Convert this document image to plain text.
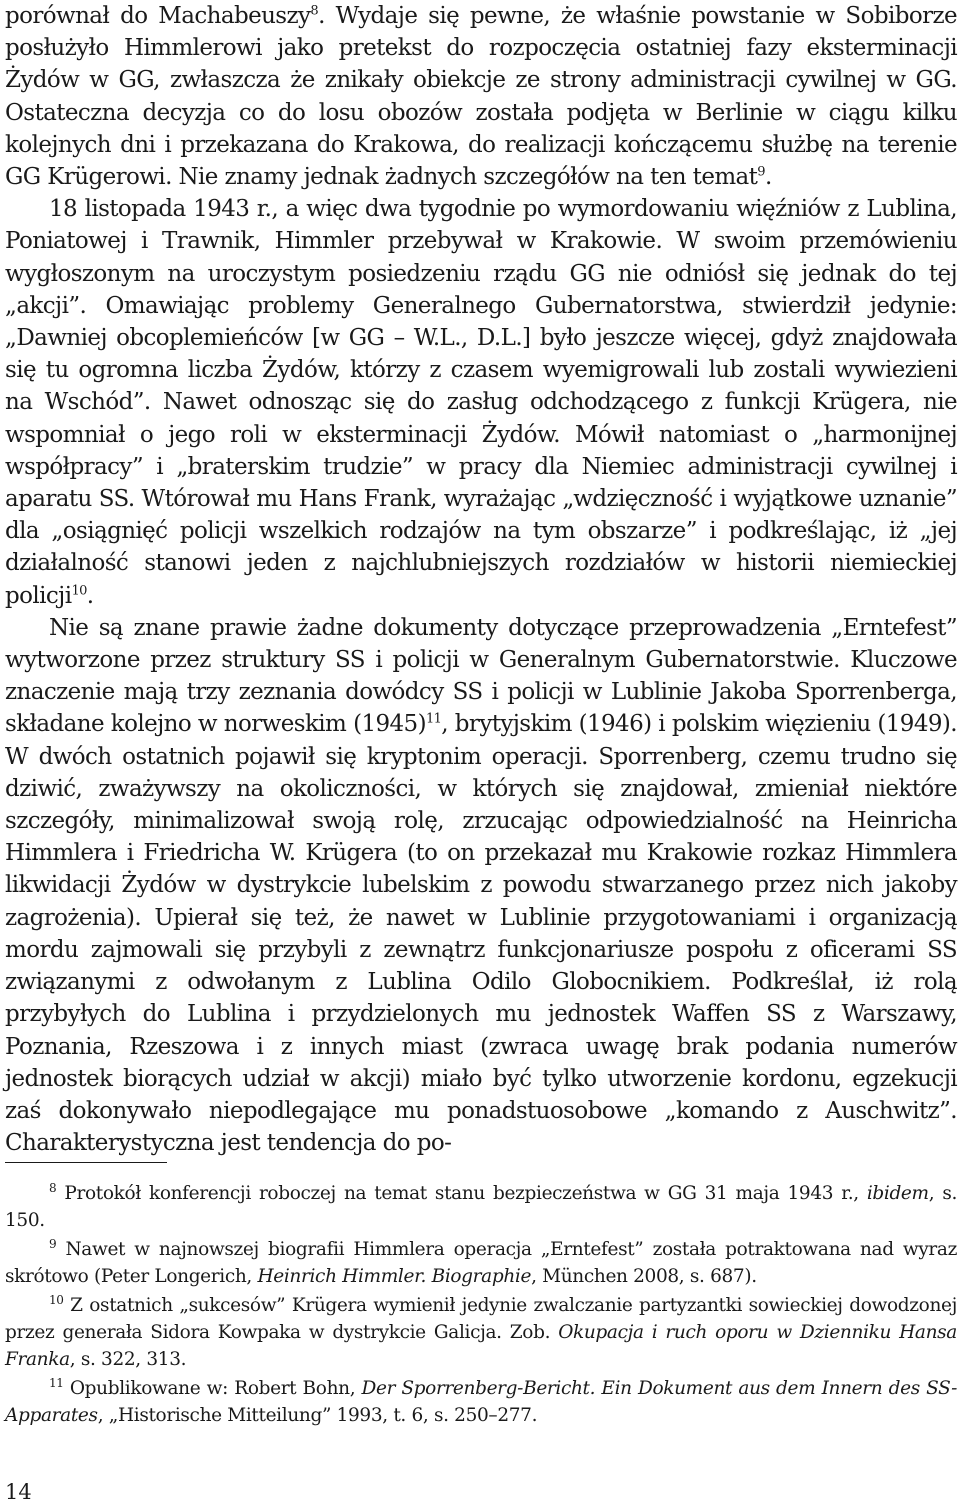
porównał do Machabeuszy$^8$. Wydaje się pewne, że właśnie powstanie w Sobiborze posłużyło Himmlerowi jako pretekst do rozpoczęcia ostatniej fazy eksterminacji Żydów w GG, zwłaszcza że znikały obiekcje ze strony administracji cywilnej w GG. Ostateczna decyzja co do losu obozów została podjęta w Berlinie w ciągu kilku kolejnych dni i przekazana do Krakowa, do realizacji kończącemu służbę na terenie GG Krügerowi. Nie znamy jednak żadnych szczegółów na ten temat$^9$.

18 listopada 1943 r., a więc dwa tygodnie po wymordowaniu więźniów z Lublina, Poniatowej i Trawnik, Himmler przebywał w Krakowie. W swoim przemówieniu wygłoszonym na uroczystym posiedzeniu rządu GG nie odniósł się jednak do tej „akcji”. Omawiając problemy Generalnego Gubernatorstwa, stwierdził jedynie: „Dawniej obcoplemieńców [w GG – W.L., D.L.] było jeszcze więcej, gdyż znajdowała się tu ogromna liczba Żydów, którzy z czasem wyemigrowali lub zostali wywiezieni na Wschód”. Nawet odnosząc się do zasług odchodzącego z funkcji Krügera, nie wspomniał o jego roli w eksterminacji Żydów. Mówił natomiast o „harmonijnej współpracy” i „braterskim trudzie” w pracy dla Niemiec administracji cywilnej i aparatu SS. Wtórował mu Hans Frank, wyrażając „wdzięczność i wyjątkowe uznanie” dla „osiągnięć policji wszelkich rodzajów na tym obszarze” i podkreślając, iż „jej działalność stanowi jeden z najchlubniejszych rozdziałów w historii niemieckiej policji$^{10}$.

Nie są znane prawie żadne dokumenty dotyczące przeprowadzenia „Erntefest” wytworzone przez struktury SS i policji w Generalnym Gubernatorstwie. Kluczowe znaczenie mają trzy zeznania dowódcy SS i policji w Lublinie Jakoba Sporrenberga, składane kolejno w norweskim $(1945)^{11}$, brytyjskim (1946) i polskim więzieniu (1949). W dwóch ostatnich pojawił się kryptonim operacji. Sporrenberg, czemu trudno się dziwić, zważywszy na okoliczności, w których się znajdował, zmieniał niektóre szczegóły, minimalizował swoją rolę, zrzucając odpowiedzialność na Heinricha Himmlera i Friedricha W. Krügera (to on przekazał mu Krakowie rozkaz Himmlera likwidacji Żydów w dystrykcie lubelskim z powodu stwarzanego przez nich jakoby zagrożenia). Upierał się też, że nawet w Lublinie przygotowaniami i organizacją mordu zajmowali się przybyli z zewnątrz funkcjonariusze pospołu z oficerami SS związanymi z odwołanym z Lublina Odilo Globocnikiem. Podkreślał, iż rolą przybyłych do Lublina i przydzielonych mu jednostek Waffen SS z Warszawy, Poznania, Rzeszowa i z innych miast (zwraca uwagę brak podania numerów jednostek biorących udział w akcji) miało być tylko utworzenie kordonu, egzekucji zaś dokonywało niepodlegające mu ponadstuosobowe „komando z Auschwitz”. Charakterystyczna jest tendencja do po-

$^8$ Protokół konferencji roboczej na temat stanu bezpieczeństwa w GG 31 maja 1943 r., ibidem, s. 150.

$^9$ Nawet w najnowszej biografii Himmlera operacja „Erntefest” została potraktowana nad wyraz skrótowo (Peter Longerich, Heinrich Himmler. Biographie, München 2008, s. 687).

$^{10}$ Z ostatnich „sukcesów” Krügera wymienił jedynie zwalczanie partyzantki sowieckiej dowodzonej przez generała Sidora Kowpaka w dystrykcie Galicja. Zob. Okupacja i ruch oporu w Dzienniku Hansa Franka, s. 322, 313.

$^{11}$ Opublikowane w: Robert Bohn, Der Sporrenberg-Bericht. Ein Dokument aus dem Innern des SS-Apparates, „Historische Mitteilung” 1993, t. 6, s. 250–277.

14
